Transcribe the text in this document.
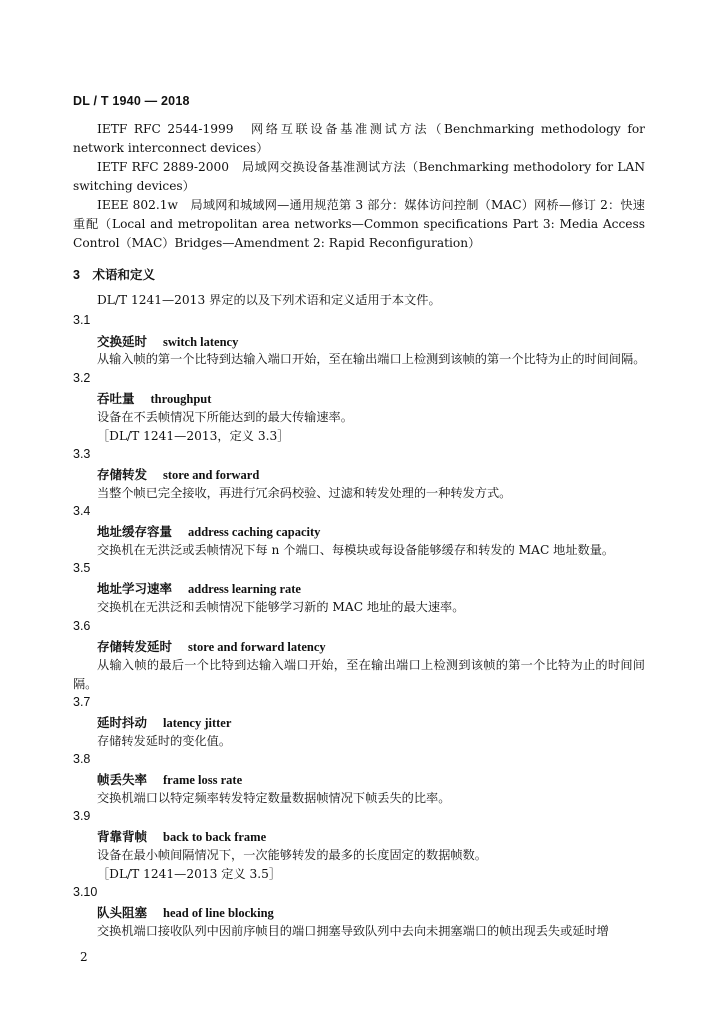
DL / T 1940 — 2018
IETF RFC 2544-1999　网络互联设备基准测试方法（Benchmarking methodology for network interconnect devices）
IETF RFC 2889-2000　局域网交换设备基准测试方法（Benchmarking methodolory for LAN switching devices）
IEEE 802.1w　局域网和城域网—通用规范第 3 部分：媒体访问控制（MAC）网桥—修订 2：快速重配（Local and metropolitan area networks—Common specifications Part 3: Media Access Control（MAC）Bridges—Amendment 2: Rapid Reconfiguration）
3　术语和定义
DL/T 1241—2013 界定的以及下列术语和定义适用于本文件。
3.1
交换延时 switch latency
从输入帧的第一个比特到达输入端口开始，至在输出端口上检测到该帧的第一个比特为止的时间间隔。
3.2
吞吐量 throughput
设备在不丢帧情况下所能达到的最大传输速率。
［DL/T 1241—2013，定义 3.3］
3.3
存储转发 store and forward
当整个帧已完全接收，再进行冗余码校验、过滤和转发处理的一种转发方式。
3.4
地址缓存容量 address caching capacity
交换机在无洪泛或丢帧情况下每 n 个端口、每模块或每设备能够缓存和转发的 MAC 地址数量。
3.5
地址学习速率 address learning rate
交换机在无洪泛和丢帧情况下能够学习新的 MAC 地址的最大速率。
3.6
存储转发延时 store and forward latency
从输入帧的最后一个比特到达输入端口开始，至在输出端口上检测到该帧的第一个比特为止的时间间隔。
3.7
延时抖动 latency jitter
存储转发延时的变化值。
3.8
帧丢失率 frame loss rate
交换机端口以特定频率转发特定数量数据帧情况下帧丢失的比率。
3.9
背靠背帧 back to back frame
设备在最小帧间隔情况下，一次能够转发的最多的长度固定的数据帧数。
［DL/T 1241—2013 定义 3.5］
3.10
队头阻塞 head of line blocking
交换机端口接收队列中因前序帧目的端口拥塞导致队列中去向未拥塞端口的帧出现丢失或延时增
2
